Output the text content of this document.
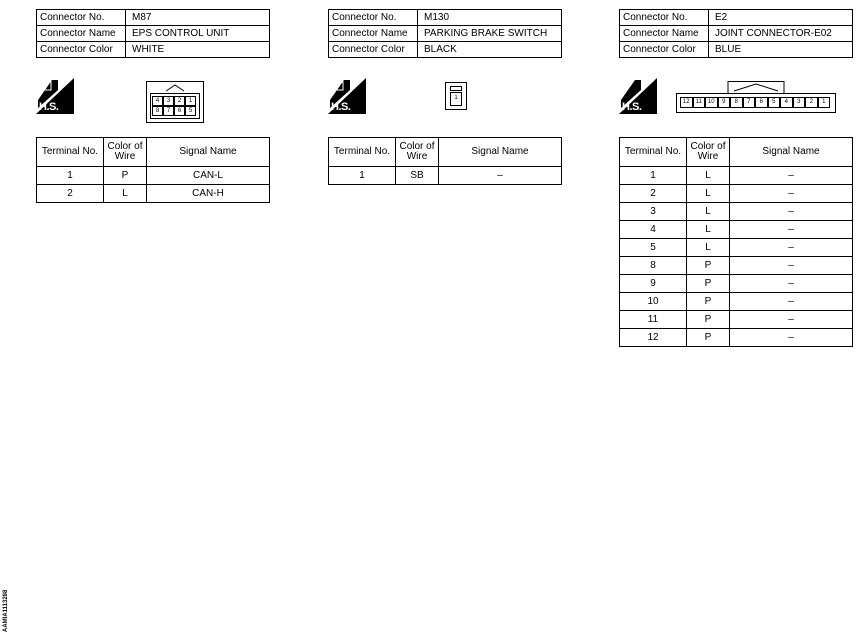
Connector No.	M87
Connector Name	EPS CONTROL UNIT
Connector Color	WHITE
H.S.	4	3	2	1
8	7	6	5
Terminal No.	Color of Wire	Signal Name
1	P	CAN-L
2	L	CAN-H
Connector No.	M130
Connector Name	PARKING BRAKE SWITCH
Connector Color	BLACK
H.S.
1
Terminal No.	Color of Wire	Signal Name
1	SB	–
Connector No.	E2
Connector Name	JOINT CONNECTOR-E02
Connector Color	BLUE
H.S.	12	11	10	9	8	7	6	5	4	3	2	1
Terminal No.	Color of Wire	Signal Name
1	L	–
2	L	–
3	L	–
4	L	–
5	L	–
8	P	–
9	P	–
10	P	–
11	P	–
12	P	–
AAMIA1113288
